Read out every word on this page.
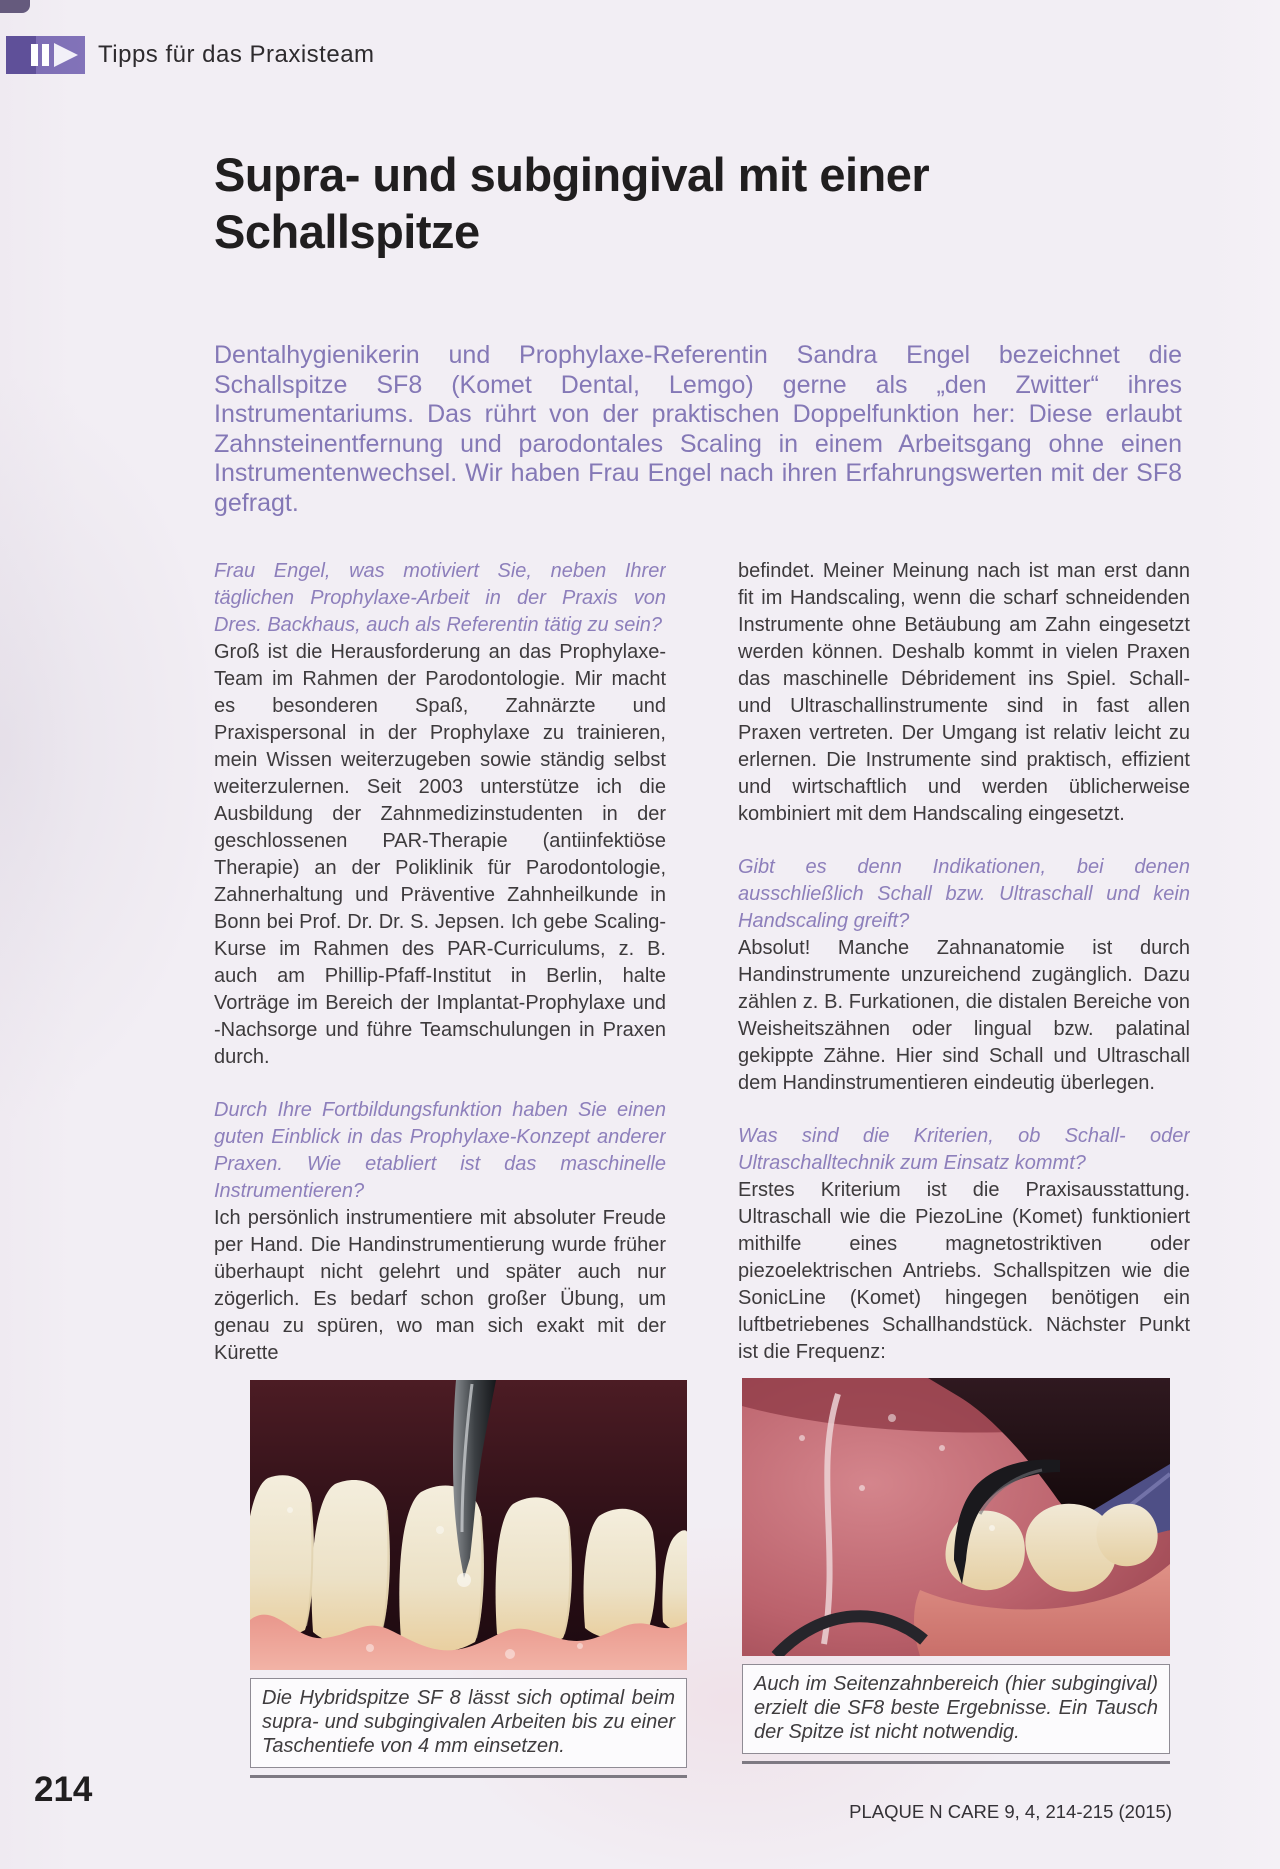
Tipps für das Praxisteam
Supra- und subgingival mit einer
Schallspitze
Dentalhygienikerin und Prophylaxe-Referentin Sandra Engel bezeichnet die Schallspitze SF8 (Komet Dental, Lemgo) gerne als „den Zwitter“ ihres Instrumentariums. Das rührt von der praktischen Doppelfunktion her: Diese erlaubt Zahnsteinentfernung und parodontales Scaling in einem Arbeitsgang ohne einen Instrumentenwechsel. Wir haben Frau Engel nach ihren Erfahrungswerten mit der SF8 gefragt.

Frau Engel, was motiviert Sie, neben Ihrer täglichen Prophylaxe-Arbeit in der Praxis von Dres. Backhaus, auch als Referentin tätig zu sein?

Groß ist die Herausforderung an das Prophylaxe-Team im Rahmen der Parodontologie. Mir macht es besonderen Spaß, Zahnärzte und Praxispersonal in der Prophylaxe zu trainieren, mein Wissen weiterzugeben sowie ständig selbst weiterzulernen. Seit 2003 unterstütze ich die Ausbildung der Zahnmedizinstudenten in der geschlossenen PAR-Therapie (antiinfektiöse Therapie) an der Poliklinik für Parodontologie, Zahnerhaltung und Präventive Zahnheilkunde in Bonn bei Prof. Dr. Dr. S. Jepsen. Ich gebe Scaling-Kurse im Rahmen des PAR-Curriculums, z. B. auch am Phillip-Pfaff-Institut in Berlin, halte Vorträge im Bereich der Implantat-Prophylaxe und -Nachsorge und führe Teamschulungen in Praxen durch.

Durch Ihre Fortbildungsfunktion haben Sie einen guten Einblick in das Prophylaxe-Konzept anderer Praxen. Wie etabliert ist das maschinelle Instrumentieren?

Ich persönlich instrumentiere mit absoluter Freude per Hand. Die Handinstrumentierung wurde früher überhaupt nicht gelehrt und später auch nur zögerlich. Es bedarf schon großer Übung, um genau zu spüren, wo man sich exakt mit der Kürette

befindet. Meiner Meinung nach ist man erst dann fit im Handscaling, wenn die scharf schneidenden Instrumente ohne Betäubung am Zahn eingesetzt werden können. Deshalb kommt in vielen Praxen das maschinelle Débridement ins Spiel. Schall- und Ultraschallinstrumente sind in fast allen Praxen vertreten. Der Umgang ist relativ leicht zu erlernen. Die Instrumente sind praktisch, effizient und wirtschaftlich und werden üblicherweise kombiniert mit dem Handscaling eingesetzt.

Gibt es denn Indikationen, bei denen ausschließlich Schall bzw. Ultraschall und kein Handscaling greift?

Absolut! Manche Zahnanatomie ist durch Handinstrumente unzureichend zugänglich. Dazu zählen z. B. Furkationen, die distalen Bereiche von Weisheitszähnen oder lingual bzw. palatinal gekippte Zähne. Hier sind Schall und Ultraschall dem Handinstrumentieren eindeutig überlegen.

Was sind die Kriterien, ob Schall- oder Ultraschalltechnik zum Einsatz kommt?

Erstes Kriterium ist die Praxisausstattung. Ultraschall wie die PiezoLine (Komet) funktioniert mithilfe eines magnetostriktiven oder piezoelektrischen Antriebs. Schallspitzen wie die SonicLine (Komet) hingegen benötigen ein luftbetriebenes Schallhandstück. Nächster Punkt ist die Frequenz:

Die Hybridspitze SF 8 lässt sich optimal beim supra- und subgingivalen Arbeiten bis zu einer Taschentiefe von 4 mm einsetzen.
Auch im Seitenzahnbereich (hier subgingival) erzielt die SF8 beste Ergebnisse. Ein Tausch der Spitze ist nicht notwendig.
214
PLAQUE N CARE 9, 4, 214-215 (2015)
